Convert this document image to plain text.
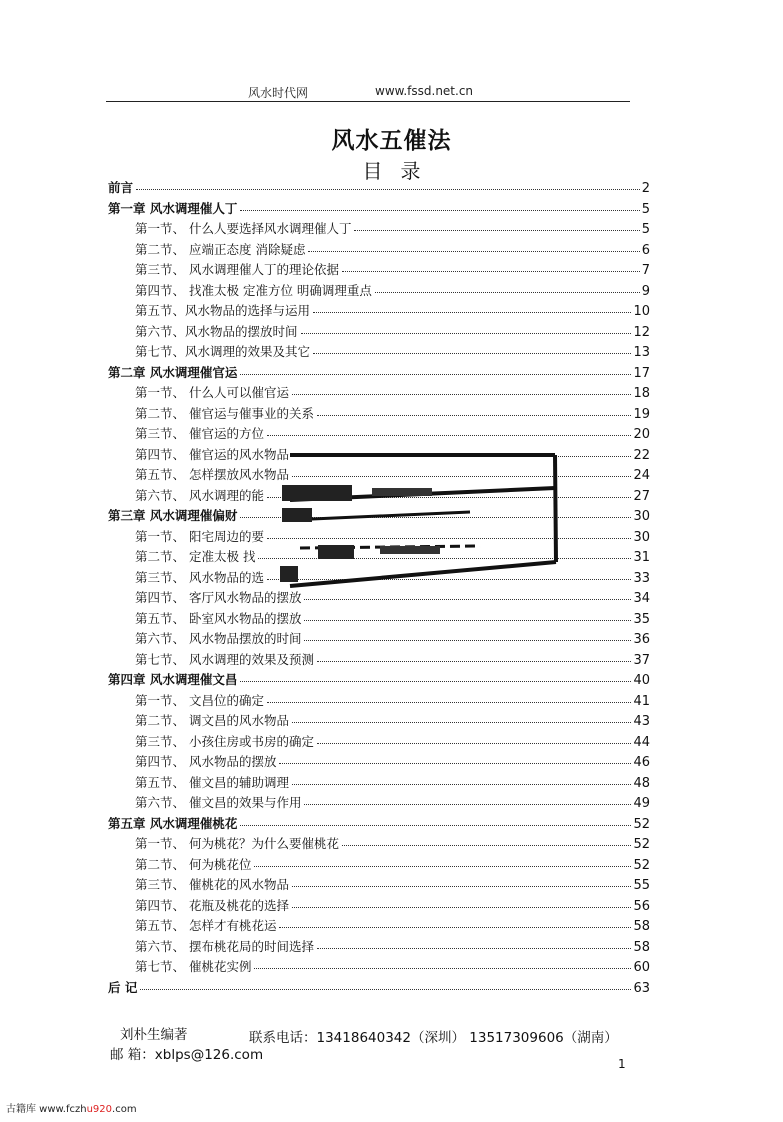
风水时代网	www.fssd.net.cn
风水五催法
目录
前言	2
第一章 风水调理催人丁	5
第一节、 什么人要选择风水调理催人丁	5
第二节、 应端正态度 消除疑虑	6
第三节、 风水调理催人丁的理论依据	7
第四节、 找准太极 定准方位 明确调理重点	9
第五节、风水物品的选择与运用	10
第六节、风水物品的摆放时间	12
第七节、风水调理的效果及其它	13
第二章 风水调理催官运	17
第一节、 什么人可以催官运	18
第二节、 催官运与催事业的关系	19
第三节、 催官运的方位	20
第四节、 催官运的风水物品	22
第五节、 怎样摆放风水物品	24
第六节、 风水调理的能	27
第三章 风水调理催偏财	30
第一节、 阳宅周边的要	30
第二节、 定准太极 找	31
第三节、 风水物品的选	33
第四节、 客厅风水物品的摆放	34
第五节、 卧室风水物品的摆放	35
第六节、 风水物品摆放的时间	36
第七节、 风水调理的效果及预测	37
第四章 风水调理催文昌	40
第一节、 文昌位的确定	41
第二节、 调文昌的风水物品	43
第三节、 小孩住房或书房的确定	44
第四节、 风水物品的摆放	46
第五节、 催文昌的辅助调理	48
第六节、 催文昌的效果与作用	49
第五章 风水调理催桃花	52
第一节、 何为桃花？为什么要催桃花	52
第二节、 何为桃花位	52
第三节、 催桃花的风水物品	55
第四节、 花瓶及桃花的选择	56
第五节、 怎样才有桃花运	58
第六节、 摆布桃花局的时间选择	58
第七节、 催桃花实例	60
后 记	63
刘朴生编著	联系电话：13418640342（深圳） 13517309606（湖南）
邮 箱：xblps@126.com
1
古籍库 www.fczhu920.com
